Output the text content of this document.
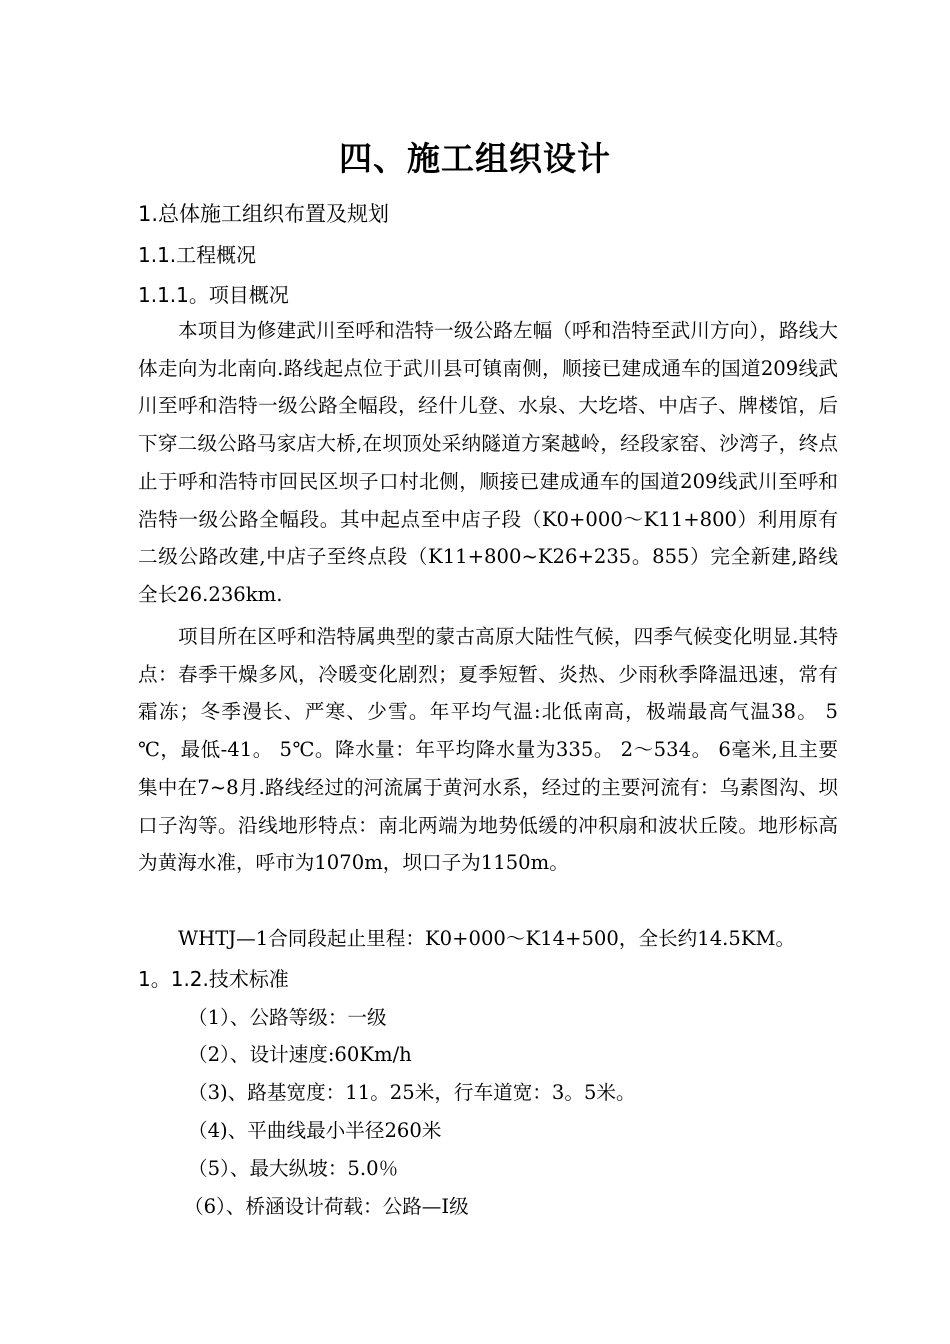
四、施工组织设计
1.总体施工组织布置及规划
1.1.工程概况
1.1.1。项目概况

本项目为修建武川至呼和浩特一级公路左幅（呼和浩特至武川方向），路线大体走向为北南向.路线起点位于武川县可镇南侧，顺接已建成通车的国道209线武川至呼和浩特一级公路全幅段，经什儿登、水泉、大圪塔、中店子、牌楼馆，后下穿二级公路马家店大桥,在坝顶处采纳隧道方案越岭，经段家窑、沙湾子，终点止于呼和浩特市回民区坝子口村北侧，顺接已建成通车的国道209线武川至呼和浩特一级公路全幅段。其中起点至中店子段（K0+000～K11+800）利用原有二级公路改建,中店子至终点段（K11+800~K26+235。855）完全新建,路线全长26.236km.

项目所在区呼和浩特属典型的蒙古高原大陆性气候，四季气候变化明显.其特点：春季干燥多风，冷暖变化剧烈；夏季短暂、炎热、少雨秋季降温迅速，常有霜冻；冬季漫长、严寒、少雪。年平均气温:北低南高，极端最高气温38。 5 ℃，最低-41。 5℃。降水量：年平均降水量为335。 2～534。 6毫米,且主要集中在7~8月.路线经过的河流属于黄河水系，经过的主要河流有：乌素图沟、坝口子沟等。沿线地形特点：南北两端为地势低缓的冲积扇和波状丘陵。地形标高为黄海水准，呼市为1070m，坝口子为1150m。

WHTJ—1合同段起止里程：K0+000～K14+500，全长约14.5KM。

1。1.2.技术标准
（1）、公路等级：一级
（2）、设计速度:60Km/h
（3)、路基宽度：11。25米，行车道宽：3。5米。
（4)、平曲线最小半径260米
（5）、最大纵坡：5.0％
（6）、桥涵设计荷载：公路—I级
